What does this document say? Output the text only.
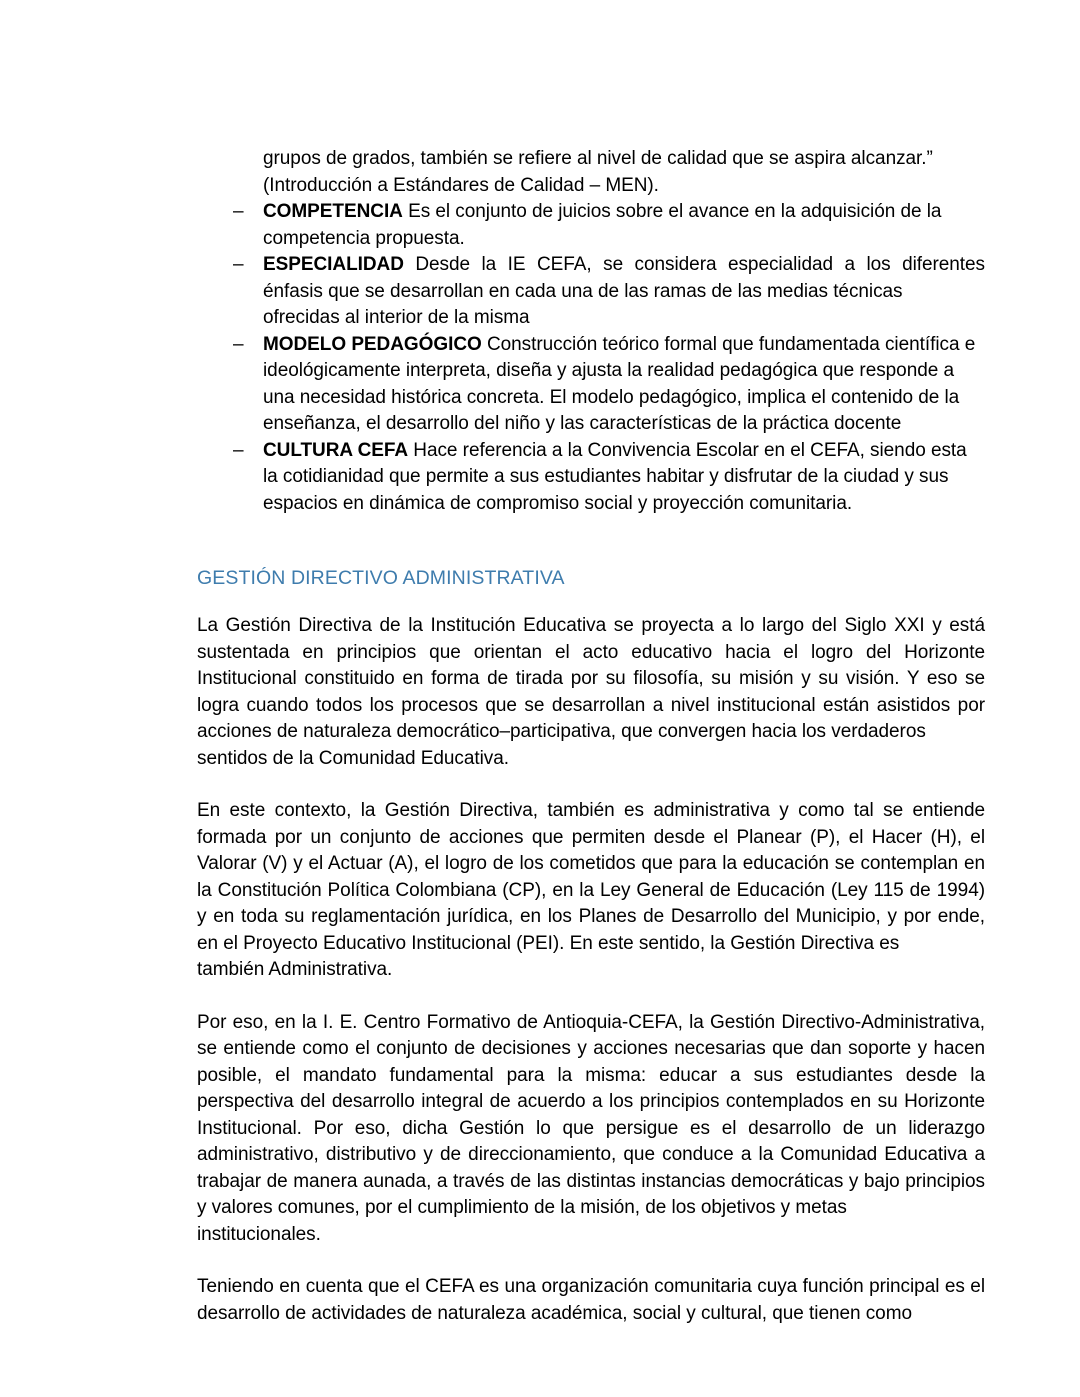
grupos de grados, también se refiere al nivel de calidad que se aspira alcanzar.”
(Introducción a Estándares de Calidad – MEN).

– COMPETENCIA Es el conjunto de juicios sobre el avance en la adquisición de la
competencia propuesta.
– ESPECIALIDAD Desde la IE CEFA, se considera especialidad a los diferentes énfasis que se desarrollan en cada una de las ramas de las medias técnicas
ofrecidas al interior de la misma
– MODELO PEDAGÓGICO Construcción teórico formal que fundamentada científica e ideológicamente interpreta, diseña y ajusta la realidad pedagógica que responde a una necesidad histórica concreta. El modelo pedagógico, implica el contenido de la enseñanza, el desarrollo del niño y las características de la práctica docente
– CULTURA CEFA Hace referencia a la Convivencia Escolar en el CEFA, siendo esta la cotidianidad que permite a sus estudiantes habitar y disfrutar de la ciudad y sus espacios en dinámica de compromiso social y proyección comunitaria.
GESTIÓN DIRECTIVO ADMINISTRATIVA

La Gestión Directiva de la Institución Educativa se proyecta a lo largo del Siglo XXI y está sustentada en principios que orientan el acto educativo hacia el logro del Horizonte Institucional constituido en forma de tirada por su filosofía, su misión y su visión. Y eso se logra cuando todos los procesos que se desarrollan a nivel institucional están asistidos por acciones de naturaleza democrático–participativa, que convergen hacia los verdaderos
sentidos de la Comunidad Educativa.

En este contexto, la Gestión Directiva, también es administrativa y como tal se entiende formada por un conjunto de acciones que permiten desde el Planear (P), el Hacer (H), el Valorar (V) y el Actuar (A), el logro de los cometidos que para la educación se contemplan en la Constitución Política Colombiana (CP), en la Ley General de Educación (Ley 115 de 1994) y en toda su reglamentación jurídica, en los Planes de Desarrollo del Municipio, y por ende, en el Proyecto Educativo Institucional (PEI). En este sentido, la Gestión Directiva es
también Administrativa.

Por eso, en la I. E. Centro Formativo de Antioquia-CEFA, la Gestión Directivo-Administrativa, se entiende como el conjunto de decisiones y acciones necesarias que dan soporte y hacen posible, el mandato fundamental para la misma: educar a sus estudiantes desde la perspectiva del desarrollo integral de acuerdo a los principios contemplados en su Horizonte Institucional. Por eso, dicha Gestión lo que persigue es el desarrollo de un liderazgo administrativo, distributivo y de direccionamiento, que conduce a la Comunidad Educativa a trabajar de manera aunada, a través de las distintas instancias democráticas y bajo principios y valores comunes, por el cumplimiento de la misión, de los objetivos y metas
institucionales.

Teniendo en cuenta que el CEFA es una organización comunitaria cuya función principal es el desarrollo de actividades de naturaleza académica, social y cultural, que tienen como
